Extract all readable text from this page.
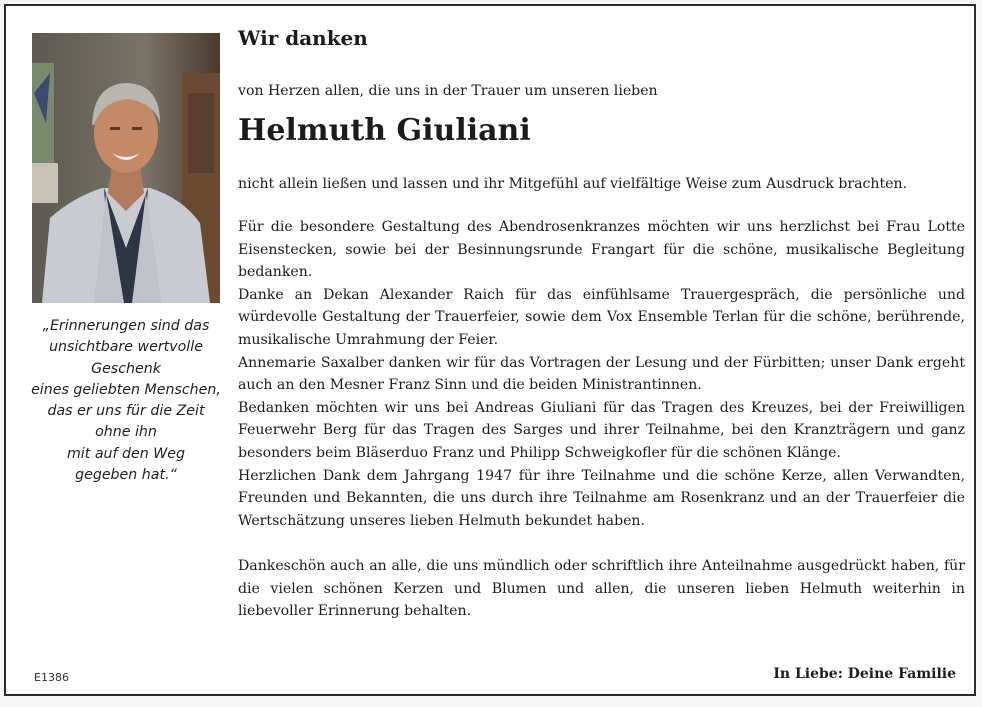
„Erinnerungen sind das
unsichtbare wertvolle
Geschenk
eines geliebten Menschen,
das er uns für die Zeit
ohne ihn
mit auf den Weg
gegeben hat.“
Wir danken
von Herzen allen, die uns in der Trauer um unseren lieben
Helmuth Giuliani
nicht allein ließen und lassen und ihr Mitgefühl auf vielfältige Weise zum Ausdruck brachten.

Für die besondere Gestaltung des Abendrosenkranzes möchten wir uns herzlichst bei Frau Lotte Eisenstecken, sowie bei der Besinnungsrunde Frangart für die schöne, musikalische Begleitung bedanken.

Danke an Dekan Alexander Raich für das einfühlsame Trauergespräch, die persönliche und würdevolle Gestaltung der Trauerfeier, sowie dem Vox Ensemble Terlan für die schöne, berührende, musikalische Umrahmung der Feier.

Annemarie Saxalber danken wir für das Vortragen der Lesung und der Fürbitten; unser Dank ergeht auch an den Mesner Franz Sinn und die beiden Ministrantinnen.

Bedanken möchten wir uns bei Andreas Giuliani für das Tragen des Kreuzes, bei der Freiwilligen Feuerwehr Berg für das Tragen des Sarges und ihrer Teilnahme, bei den Kranzträgern und ganz besonders beim Bläserduo Franz und Philipp Schweigkofler für die schönen Klänge.

Herzlichen Dank dem Jahrgang 1947 für ihre Teilnahme und die schöne Kerze, allen Verwandten, Freunden und Bekannten, die uns durch ihre Teilnahme am Rosenkranz und an der Trauerfeier die Wertschätzung unseres lieben Helmuth bekundet haben.

Dankeschön auch an alle, die uns mündlich oder schriftlich ihre Anteilnahme ausgedrückt haben, für die vielen schönen Kerzen und Blumen und allen, die unseren lieben Helmuth weiterhin in liebevoller Erinnerung behalten.

E1386	In Liebe: Deine Familie
